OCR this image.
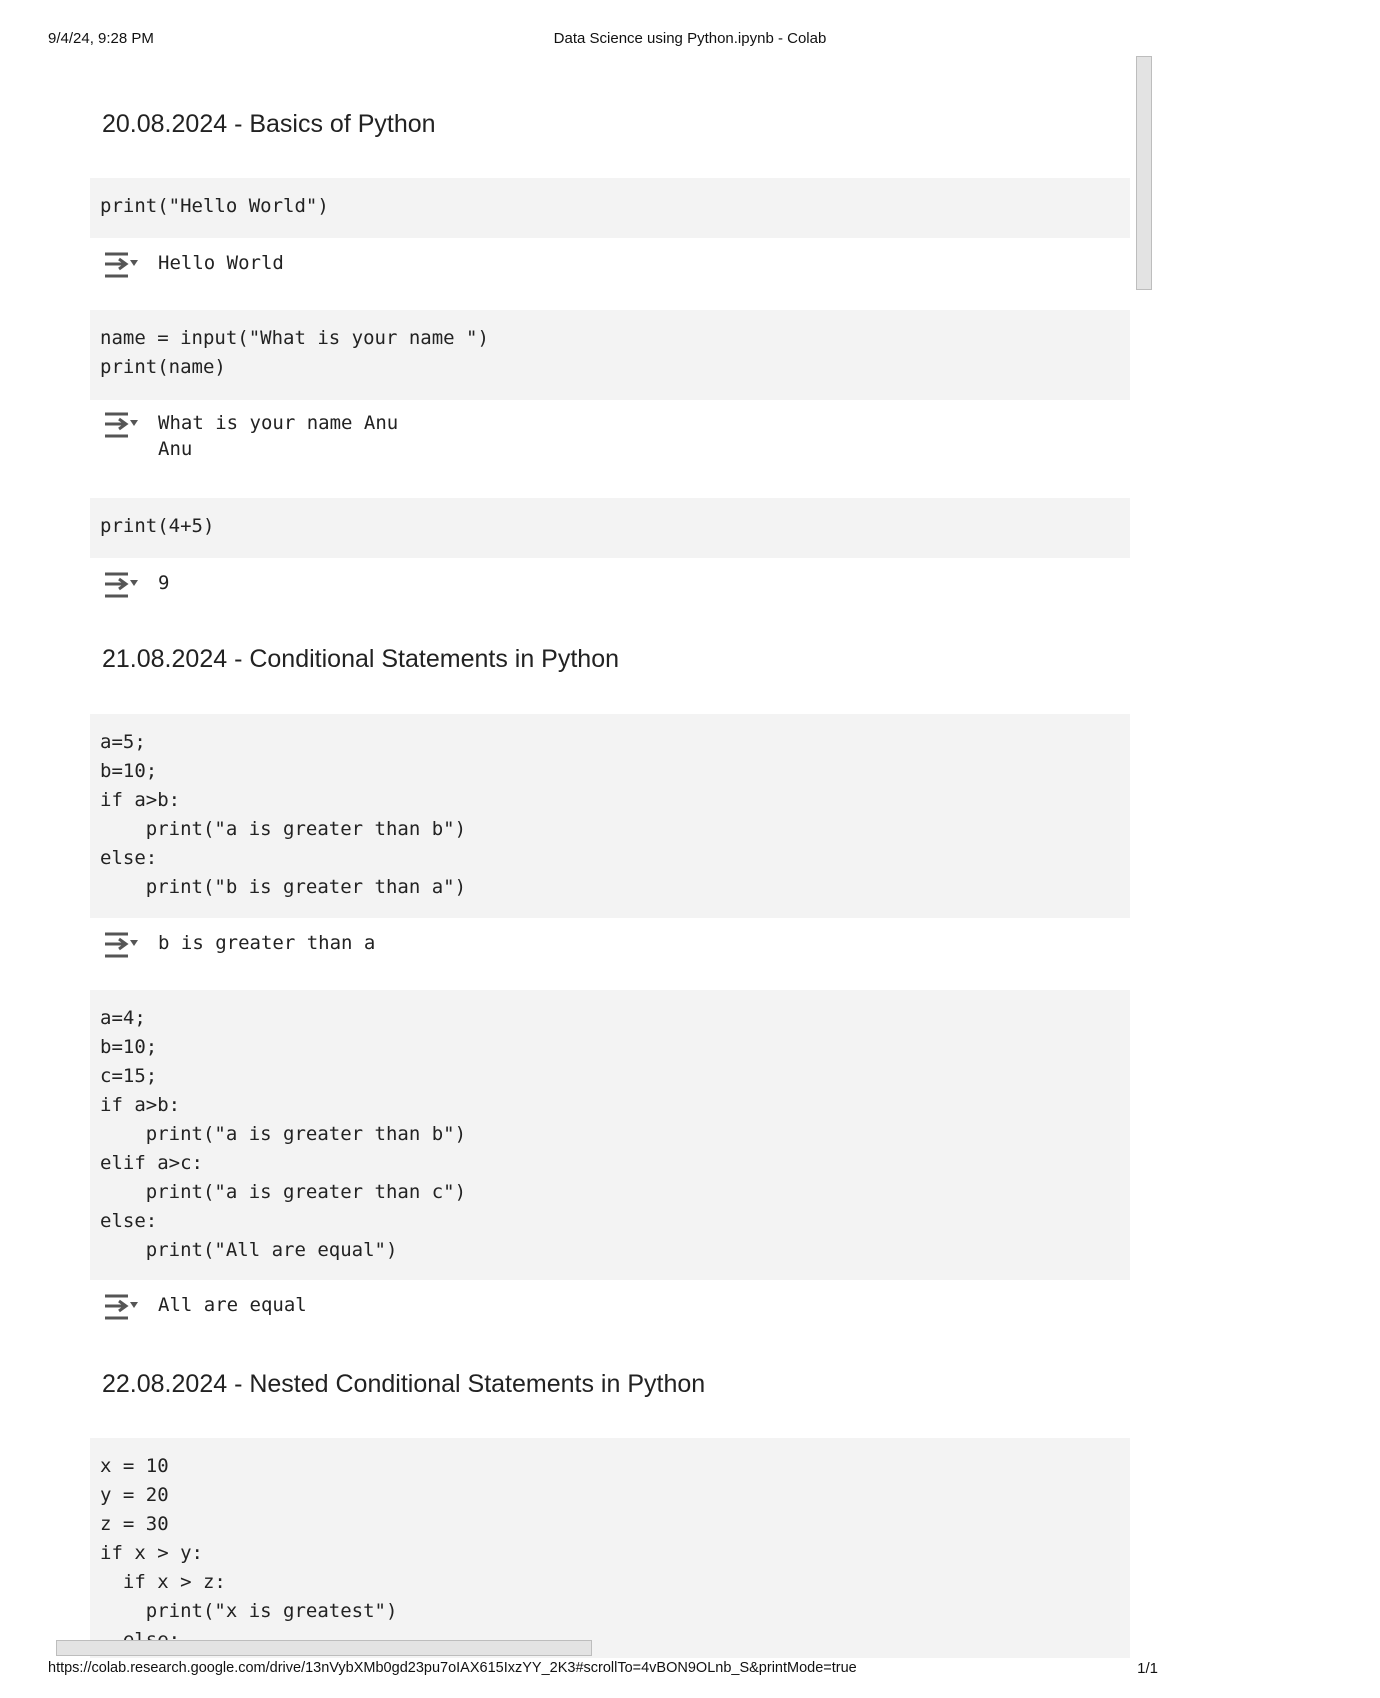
9/4/24, 9:28 PM	Data Science using Python.ipynb - Colab
20.08.2024 - Basics of Python
print("Hello World")
Hello World
name = input("What is your name ")
print(name)
What is your name Anu
Anu
print(4+5)
9
21.08.2024 - Conditional Statements in Python
a=5;
b=10;
if a>b:
print("a is greater than b")
else:
print("b is greater than a")
b is greater than a
a=4;
b=10;
c=15;
if a>b:
print("a is greater than b")
elif a>c:
print("a is greater than c")
else:
print("All are equal")
All are equal
22.08.2024 - Nested Conditional Statements in Python
x = 10
y = 20
z = 30
if x > y:
if x > z:
print("x is greatest")

https://colab.research.google.com/drive/13nVybXMb0gd23pu7oIAX615IxzYY_2K3#scrollTo=4vBON9OLnb_S&printMode=true	1/1
